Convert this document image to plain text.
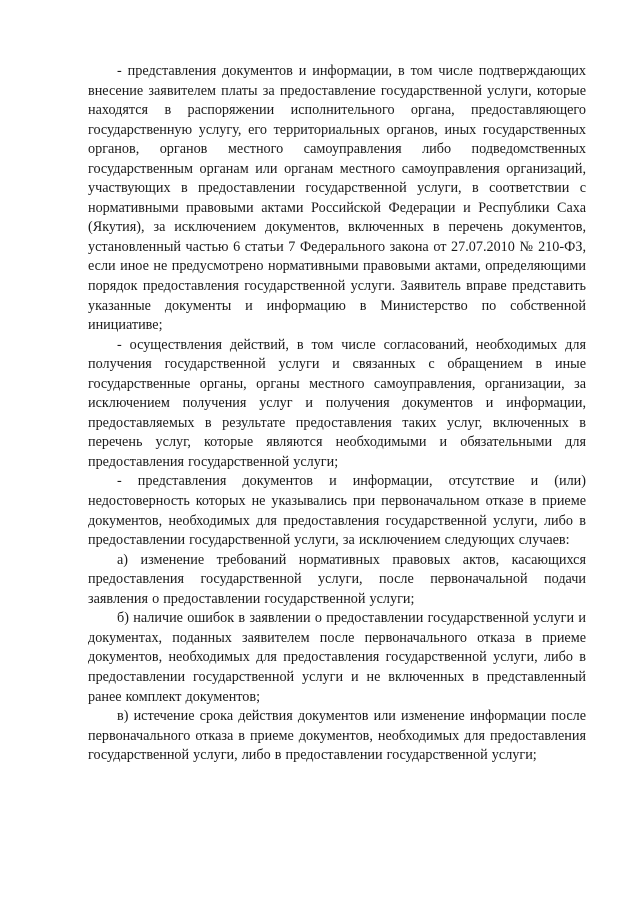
- представления документов и информации, в том числе подтверждающих внесение заявителем платы за предоставление государственной услуги, которые находятся в распоряжении исполнительного органа, предоставляющего государственную услугу, его территориальных органов, иных государственных органов, органов местного самоуправления либо подведомственных государственным органам или органам местного самоуправления организаций, участвующих в предоставлении государственной услуги, в соответствии с нормативными правовыми актами Российской Федерации и Республики Саха (Якутия), за исключением документов, включенных в перечень документов, установленный частью 6 статьи 7 Федерального закона от 27.07.2010 № 210-ФЗ, если иное не предусмотрено нормативными правовыми актами, определяющими порядок предоставления государственной услуги. Заявитель вправе представить указанные документы и информацию в Министерство по собственной инициативе;

- осуществления действий, в том числе согласований, необходимых для получения государственной услуги и связанных с обращением в иные государственные органы, органы местного самоуправления, организации, за исключением получения услуг и получения документов и информации, предоставляемых в результате предоставления таких услуг, включенных в перечень услуг, которые являются необходимыми и обязательными для предоставления государственной услуги;

- представления документов и информации, отсутствие и (или) недостоверность которых не указывались при первоначальном отказе в приеме документов, необходимых для предоставления государственной услуги, либо в предоставлении государственной услуги, за исключением следующих случаев:

а) изменение требований нормативных правовых актов, касающихся предоставления государственной услуги, после первоначальной подачи заявления о предоставлении государственной услуги;

б) наличие ошибок в заявлении о предоставлении государственной услуги и документах, поданных заявителем после первоначального отказа в приеме документов, необходимых для предоставления государственной услуги, либо в предоставлении государственной услуги и не включенных в представленный ранее комплект документов;

в) истечение срока действия документов или изменение информации после первоначального отказа в приеме документов, необходимых для предоставления государственной услуги, либо в предоставлении государственной услуги;
